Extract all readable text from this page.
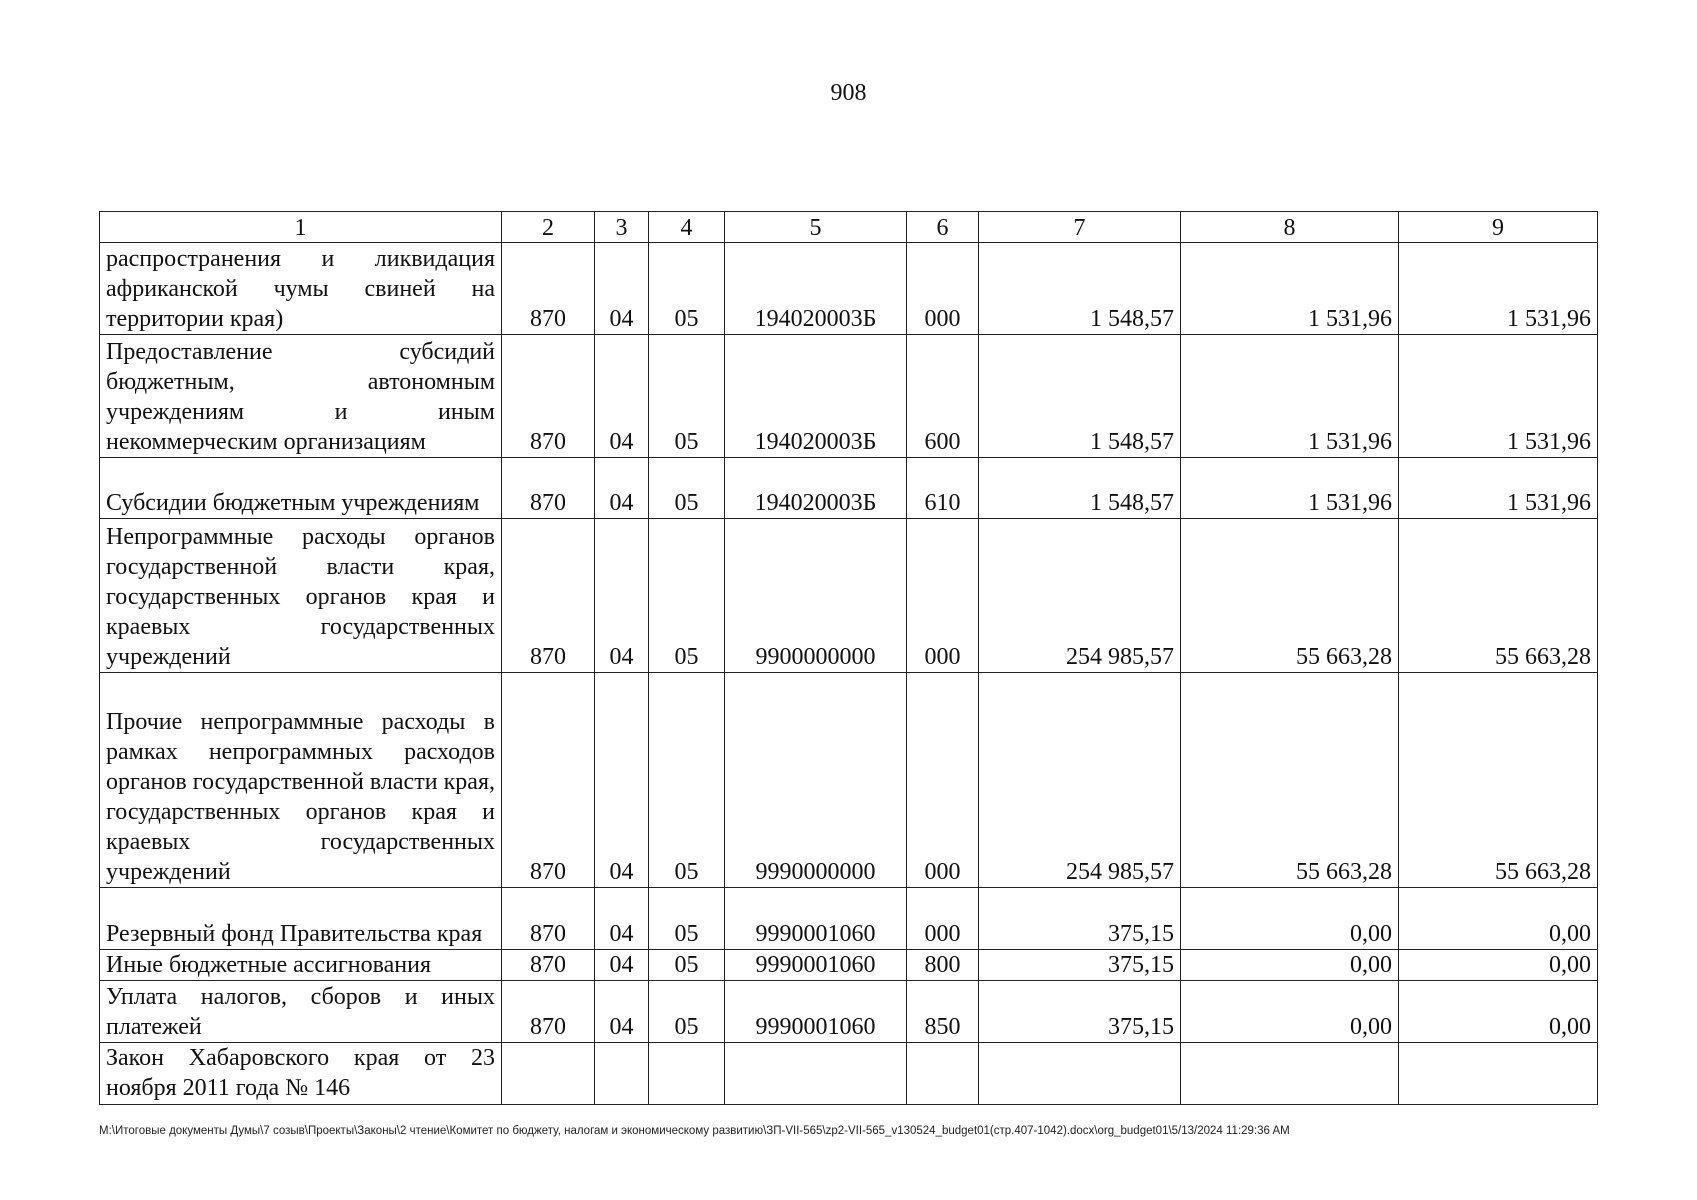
908
1	2	3	4	5	6	7	8	9
распространения и ликвидация африканской чумы свиней на территории края)	870	04	05	194020003Б	000	1 548,57	1 531,96	1 531,96
Предоставление субсидий бюджетным, автономным учреждениям и иным некоммерческим организациям	870	04	05	194020003Б	600	1 548,57	1 531,96	1 531,96
Субсидии бюджетным учреждениям	870	04	05	194020003Б	610	1 548,57	1 531,96	1 531,96
Непрограммные расходы органов государственной власти края, государственных органов края и краевых государственных учреждений	870	04	05	9900000000	000	254 985,57	55 663,28	55 663,28
Прочие непрограммные расходы в рамках непрограммных расходов органов государственной власти края, государственных органов края и краевых государственных учреждений	870	04	05	9990000000	000	254 985,57	55 663,28	55 663,28
Резервный фонд Правительства края	870	04	05	9990001060	000	375,15	0,00	0,00
Иные бюджетные ассигнования	870	04	05	9990001060	800	375,15	0,00	0,00
Уплата налогов, сборов и иных платежей	870	04	05	9990001060	850	375,15	0,00	0,00
Закон Хабаровского края от 23 ноября 2011 года № 146								
M:\Итоговые документы Думы\7 созыв\Проекты\Законы\2 чтение\Комитет по бюджету, налогам и экономическому развитию\ЗП-VII-565\zp2-VII-565_v130524_budget01(стр.407-1042).docx\org_budget01\5/13/2024 11:29:36 AM
